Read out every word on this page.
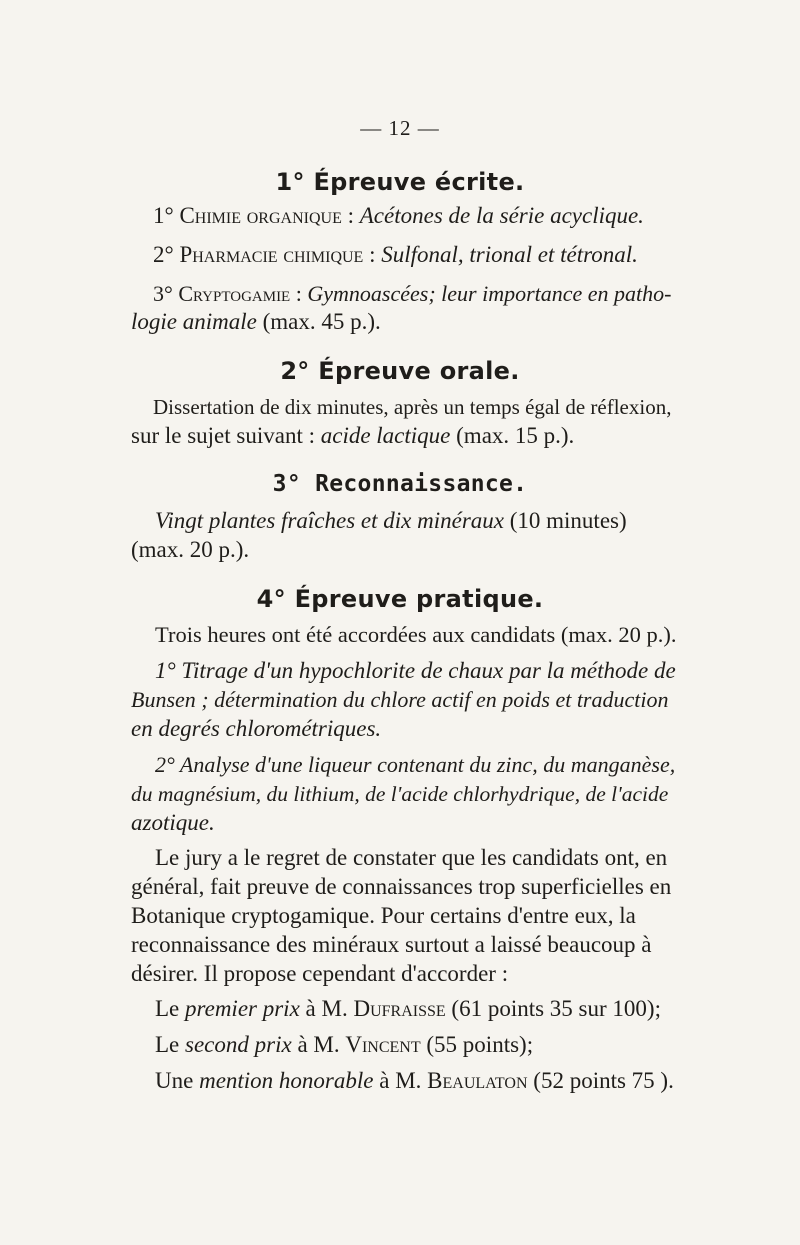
— 12 —
1° Épreuve écrite.
1° Chimie organique : Acétones de la série acyclique.
2° Pharmacie chimique : Sulfonal, trional et tétronal.
3° Cryptogamie : Gymnoascées; leur importance en patho-
logie animale (max. 45 p.).
2° Épreuve orale.
Dissertation de dix minutes, après un temps égal de réflexion,
sur le sujet suivant : acide lactique (max. 15 p.).
3° Reconnaissance.
Vingt plantes fraîches et dix minéraux (10 minutes)
(max. 20 p.).
4° Épreuve pratique.
Trois heures ont été accordées aux candidats (max. 20 p.).
1° Titrage d'un hypochlorite de chaux par la méthode de
Bunsen ; détermination du chlore actif en poids et traduction
en degrés chlorométriques.
2° Analyse d'une liqueur contenant du zinc, du manganèse,
du magnésium, du lithium, de l'acide chlorhydrique, de l'acide
azotique.
Le jury a le regret de constater que les candidats ont, en
général, fait preuve de connaissances trop superficielles en
Botanique cryptogamique. Pour certains d'entre eux, la
reconnaissance des minéraux surtout a laissé beaucoup à
désirer. Il propose cependant d'accorder :
Le premier prix à M. Dufraisse (61 points 35 sur 100);
Le second prix à M. Vincent (55 points);
Une mention honorable à M. Beaulaton (52 points 75 ).
